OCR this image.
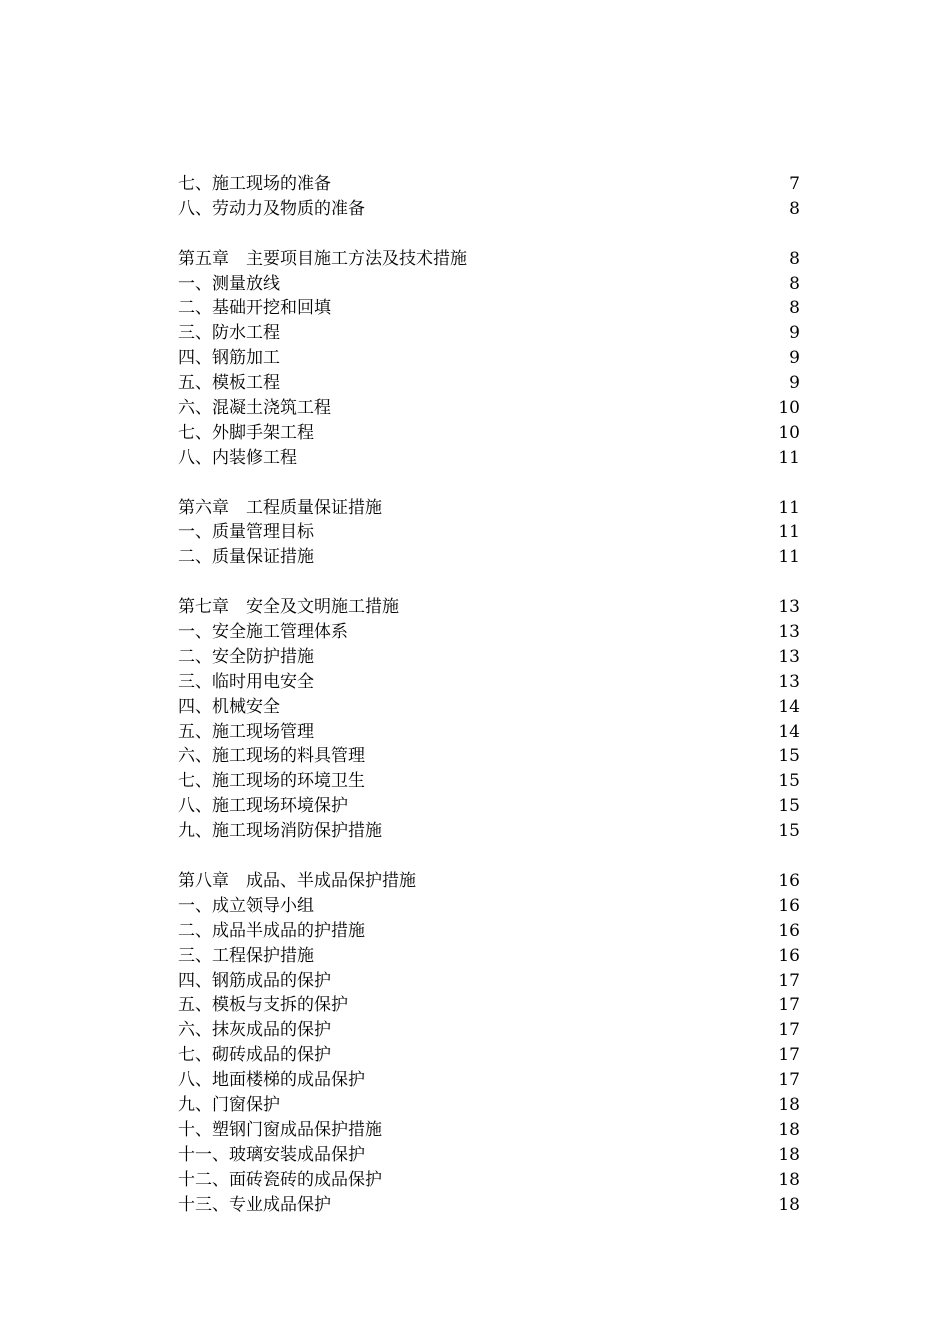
七、施工现场的准备	7
八、劳动力及物质的准备	8
第五章　主要项目施工方法及技术措施	8
一、测量放线	8
二、基础开挖和回填	8
三、防水工程	9
四、钢筋加工	9
五、模板工程	9
六、混凝土浇筑工程	10
七、外脚手架工程	10
八、内装修工程	11
第六章　工程质量保证措施	11
一、质量管理目标	11
二、质量保证措施	11
第七章　安全及文明施工措施	13
一、安全施工管理体系	13
二、安全防护措施	13
三、临时用电安全	13
四、机械安全	14
五、施工现场管理	14
六、施工现场的料具管理	15
七、施工现场的环境卫生	15
八、施工现场环境保护	15
九、施工现场消防保护措施	15
第八章　成品、半成品保护措施	16
一、成立领导小组	16
二、成品半成品的护措施	16
三、工程保护措施	16
四、钢筋成品的保护	17
五、模板与支拆的保护	17
六、抹灰成品的保护	17
七、砌砖成品的保护	17
八、地面楼梯的成品保护	17
九、门窗保护	18
十、塑钢门窗成品保护措施	18
十一、玻璃安装成品保护	18
十二、面砖瓷砖的成品保护	18
十三、专业成品保护	18
